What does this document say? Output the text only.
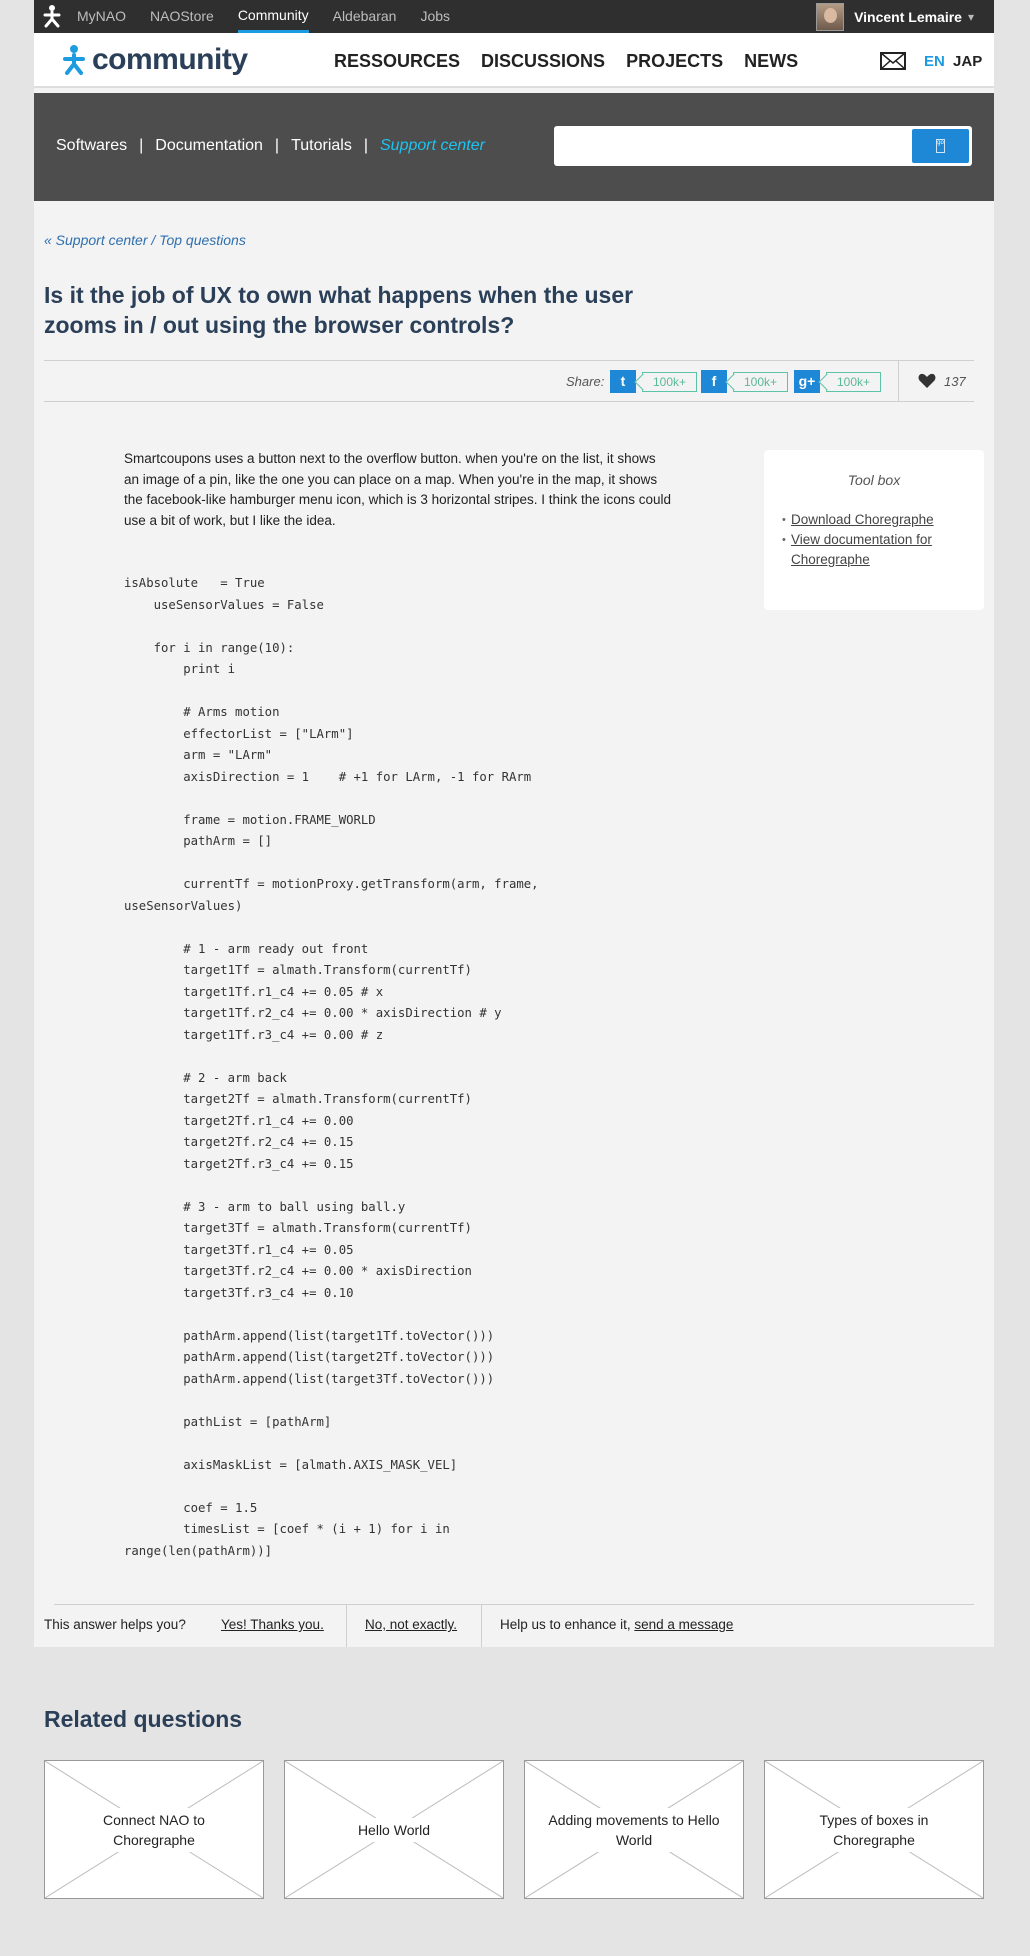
MyNAO NAOStore Community Aldebaran Jobs	Vincent Lemaire ▾
community	RESSOURCES DISCUSSIONS PROJECTS NEWS	EN JAP
Softwares | Documentation | Tutorials | Support center	go
« Support center / Top questions
Is it the job of UX to own what happens when the user zooms in / out using the browser controls?
Share:	t	100k+	f	100k+	g+	100k+	137

Smartcoupons uses a button next to the overflow button. when you're on the list, it shows an image of a pin, like the one you can place on a map. When you're in the map, it shows the facebook-like hamburger menu icon, which is 3 horizontal stripes. I think the icons could use a bit of work, but I like the idea.

isAbsolute   = True
useSensorValues = False

for i in range(10):
print i

# Arms motion
effectorList = ["LArm"]
arm = "LArm"
axisDirection = 1    # +1 for LArm, -1 for RArm

frame = motion.FRAME_WORLD
pathArm = []

currentTf = motionProxy.getTransform(arm, frame,
useSensorValues)

# 1 - arm ready out front
target1Tf = almath.Transform(currentTf)
target1Tf.r1_c4 += 0.05 # x
target1Tf.r2_c4 += 0.00 * axisDirection # y
target1Tf.r3_c4 += 0.00 # z

# 2 - arm back
target2Tf = almath.Transform(currentTf)
target2Tf.r1_c4 += 0.00
target2Tf.r2_c4 += 0.15
target2Tf.r3_c4 += 0.15

# 3 - arm to ball using ball.y
target3Tf = almath.Transform(currentTf)
target3Tf.r1_c4 += 0.05
target3Tf.r2_c4 += 0.00 * axisDirection
target3Tf.r3_c4 += 0.10

pathArm.append(list(target1Tf.toVector()))
pathArm.append(list(target2Tf.toVector()))
pathArm.append(list(target3Tf.toVector()))

pathList = [pathArm]

axisMaskList = [almath.AXIS_MASK_VEL]

coef = 1.5
timesList = [coef * (i + 1) for i in
range(len(pathArm))]
Tool box
• Download Choregraphe
• View documentation for Choregraphe
This answer helps you?	Yes! Thanks you.	No, not exactly.	Help us to enhance it, send a message
Related questions
Connect NAO to Choregraphe
Hello World
Adding movements to Hello World
Types of boxes in Choregraphe
